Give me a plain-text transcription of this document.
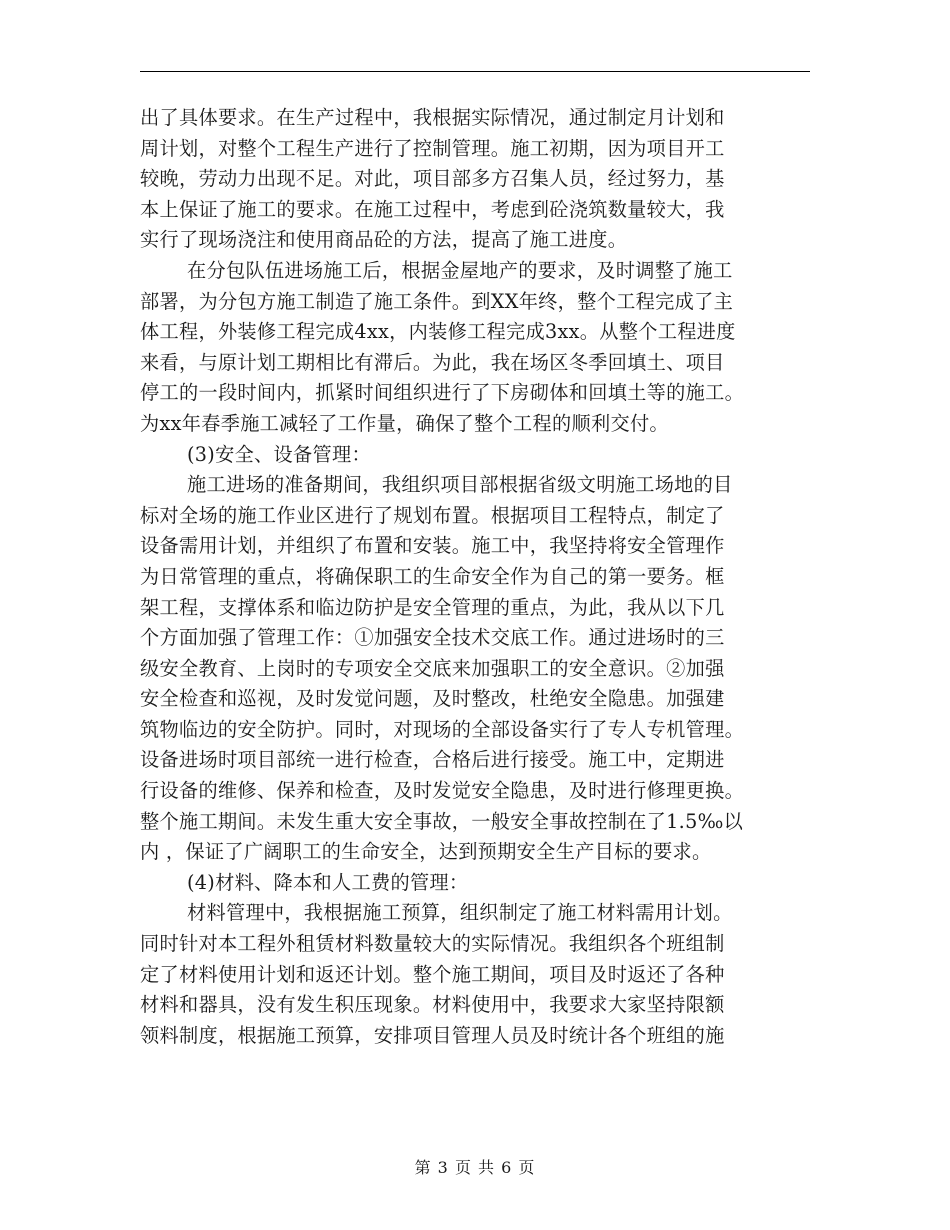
出了具体要求。在生产过程中，我根据实际情况，通过制定月计划和
周计划，对整个工程生产进行了控制管理。施工初期，因为项目开工
较晚，劳动力出现不足。对此，项目部多方召集人员，经过努力，基
本上保证了施工的要求。在施工过程中，考虑到砼浇筑数量较大，我
实行了现场浇注和使用商品砼的方法，提高了施工进度。
在分包队伍进场施工后，根据金屋地产的要求，及时调整了施工
部署，为分包方施工制造了施工条件。到XX年终，整个工程完成了主
体工程，外装修工程完成4xx，内装修工程完成3xx。从整个工程进度
来看，与原计划工期相比有滞后。为此，我在场区冬季回填土、项目
停工的一段时间内，抓紧时间组织进行了下房砌体和回填土等的施工。
为xx年春季施工减轻了工作量，确保了整个工程的顺利交付。
(3)安全、设备管理：
施工进场的准备期间，我组织项目部根据省级文明施工场地的目
标对全场的施工作业区进行了规划布置。根据项目工程特点，制定了
设备需用计划，并组织了布置和安装。施工中，我坚持将安全管理作
为日常管理的重点，将确保职工的生命安全作为自己的第一要务。框
架工程，支撑体系和临边防护是安全管理的重点，为此，我从以下几
个方面加强了管理工作：①加强安全技术交底工作。通过进场时的三
级安全教育、上岗时的专项安全交底来加强职工的安全意识。②加强
安全检查和巡视，及时发觉问题，及时整改，杜绝安全隐患。加强建
筑物临边的安全防护。同时，对现场的全部设备实行了专人专机管理。
设备进场时项目部统一进行检查，合格后进行接受。施工中，定期进
行设备的维修、保养和检查，及时发觉安全隐患，及时进行修理更换。
整个施工期间。未发生重大安全事故，一般安全事故控制在了1.5‰以
内 ，保证了广阔职工的生命安全，达到预期安全生产目标的要求。
(4)材料、降本和人工费的管理：
材料管理中，我根据施工预算，组织制定了施工材料需用计划。
同时针对本工程外租赁材料数量较大的实际情况。我组织各个班组制
定了材料使用计划和返还计划。整个施工期间，项目及时返还了各种
材料和器具，没有发生积压现象。材料使用中，我要求大家坚持限额
领料制度，根据施工预算，安排项目管理人员及时统计各个班组的施
第 3 页 共 6 页
